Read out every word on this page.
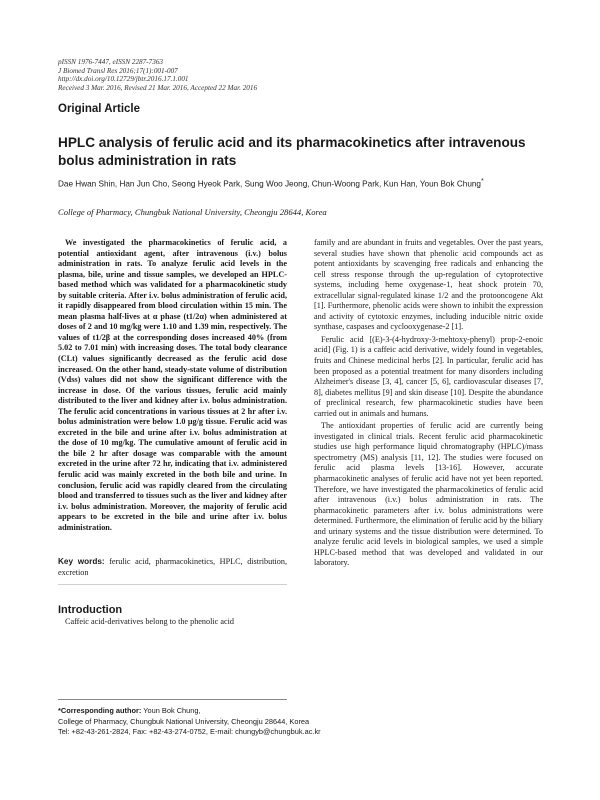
pISSN 1976-7447, eISSN 2287-7363
J Biomed Transl Res 2016;17(1):001-007
http://dx.doi.org/10.12729/jbtr.2016.17.1.001
Received 3 Mar. 2016, Revised 21 Mar. 2016, Accepted 22 Mar. 2016
Original Article
HPLC analysis of ferulic acid and its pharmacokinetics after intravenous bolus administration in rats
Dae Hwan Shin, Han Jun Cho, Seong Hyeok Park, Sung Woo Jeong, Chun-Woong Park, Kun Han, Youn Bok Chung*
College of Pharmacy, Chungbuk National University, Cheongju 28644, Korea

We investigated the pharmacokinetics of ferulic acid, a potential antioxidant agent, after intravenous (i.v.) bolus administration in rats. To analyze ferulic acid levels in the plasma, bile, urine and tissue samples, we developed an HPLC-based method which was validated for a pharmacokinetic study by suitable criteria. After i.v. bolus administration of ferulic acid, it rapidly disappeared from blood circulation within 15 min. The mean plasma half-lives at α phase (t1/2α) when administered at doses of 2 and 10 mg/kg were 1.10 and 1.39 min, respectively. The values of t1/2β at the corresponding doses increased 40% (from 5.02 to 7.01 min) with increasing doses. The total body clearance (CLt) values significantly decreased as the ferulic acid dose increased. On the other hand, steady-state volume of distribution (Vdss) values did not show the significant difference with the increase in dose. Of the various tissues, ferulic acid mainly distributed to the liver and kidney after i.v. bolus administration. The ferulic acid concentrations in various tissues at 2 hr after i.v. bolus administration were below 1.0 μg/g tissue. Ferulic acid was excreted in the bile and urine after i.v. bolus administration at the dose of 10 mg/kg. The cumulative amount of ferulic acid in the bile 2 hr after dosage was comparable with the amount excreted in the urine after 72 hr, indicating that i.v. administered ferulic acid was mainly excreted in the both bile and urine. In conclusion, ferulic acid was rapidly cleared from the circulating blood and transferred to tissues such as the liver and kidney after i.v. bolus administration. Moreover, the majority of ferulic acid appears to be excreted in the bile and urine after i.v. bolus administration.

Key words: ferulic acid, pharmacokinetics, HPLC, distribution, excretion
Introduction

Caffeic acid-derivatives belong to the phenolic acid

family and are abundant in fruits and vegetables. Over the past years, several studies have shown that phenolic acid compounds act as potent antioxidants by scavenging free radicals and enhancing the cell stress response through the up-regulation of cytoprotective systems, including heme oxygenase-1, heat shock protein 70, extracellular signal-regulated kinase 1/2 and the protooncogene Akt [1]. Furthermore, phenolic acids were shown to inhibit the expression and activity of cytotoxic enzymes, including inducible nitric oxide synthase, caspases and cyclooxygenase-2 [1].

Ferulic acid [(E)-3-(4-hydroxy-3-mehtoxy-phenyl) prop-2-enoic acid] (Fig. 1) is a caffeic acid derivative, widely found in vegetables, fruits and Chinese medicinal herbs [2]. In particular, ferulic acid has been proposed as a potential treatment for many disorders including Alzheimer's disease [3, 4], cancer [5, 6], cardiovascular diseases [7, 8], diabetes mellitus [9] and skin disease [10]. Despite the abundance of preclinical research, few pharmacokinetic studies have been carried out in animals and humans.

The antioxidant properties of ferulic acid are currently being investigated in clinical trials. Recent ferulic acid pharmacokinetic studies use high performance liquid chromatography (HPLC)/mass spectrometry (MS) analysis [11, 12]. The studies were focused on ferulic acid plasma levels [13-16]. However, accurate pharmacokinetic analyses of ferulic acid have not yet been reported. Therefore, we have investigated the pharmacokinetics of ferulic acid after intravenous (i.v.) bolus administration in rats. The pharmacokinetic parameters after i.v. bolus administrations were determined. Furthermore, the elimination of ferulic acid by the biliary and urinary systems and the tissue distribution were determined. To analyze ferulic acid levels in biological samples, we used a simple HPLC-based method that was developed and validated in our laboratory.

*Corresponding author: Youn Bok Chung,
College of Pharmacy, Chungbuk National University, Cheongju 28644, Korea
Tel: +82-43-261-2824, Fax: +82-43-274-0752, E-mail: chungyb@chungbuk.ac.kr
